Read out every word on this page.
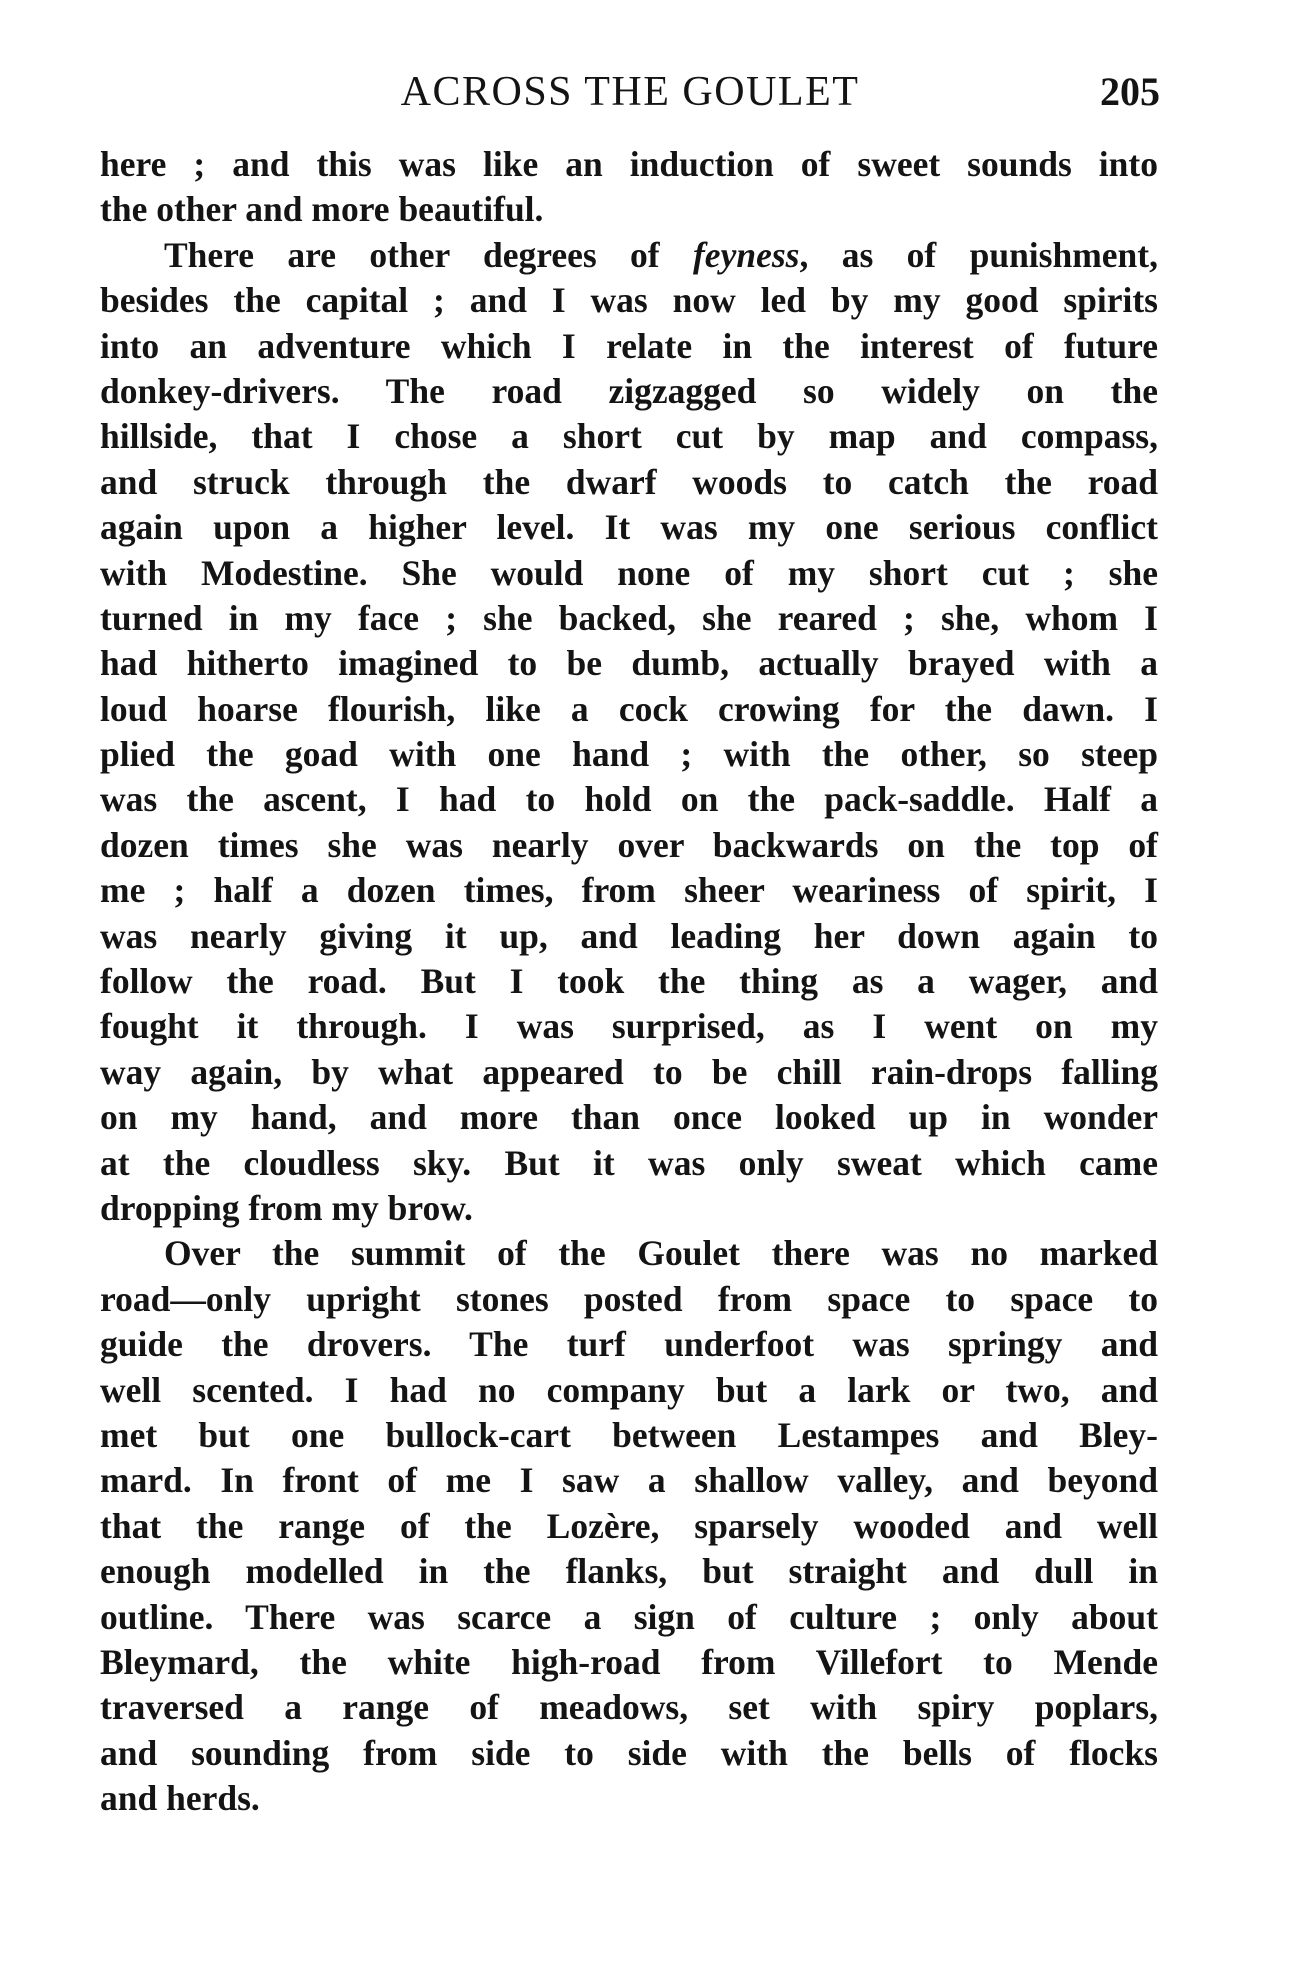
ACROSS THE GOULET	205
here ; and this was like an induction of sweet sounds into
the other and more beautiful.
There are other degrees of feyness, as of punishment,
besides the capital ; and I was now led by my good spirits
into an adventure which I relate in the interest of future
donkey-drivers. The road zigzagged so widely on the
hillside, that I chose a short cut by map and compass,
and struck through the dwarf woods to catch the road
again upon a higher level. It was my one serious conflict
with Modestine. She would none of my short cut ; she
turned in my face ; she backed, she reared ; she, whom I
had hitherto imagined to be dumb, actually brayed with a
loud hoarse flourish, like a cock crowing for the dawn. I
plied the goad with one hand ; with the other, so steep
was the ascent, I had to hold on the pack-saddle. Half a
dozen times she was nearly over backwards on the top of
me ; half a dozen times, from sheer weariness of spirit, I
was nearly giving it up, and leading her down again to
follow the road. But I took the thing as a wager, and
fought it through. I was surprised, as I went on my
way again, by what appeared to be chill rain-drops falling
on my hand, and more than once looked up in wonder
at the cloudless sky. But it was only sweat which came
dropping from my brow.
Over the summit of the Goulet there was no marked
road—only upright stones posted from space to space to
guide the drovers. The turf underfoot was springy and
well scented. I had no company but a lark or two, and
met but one bullock-cart between Lestampes and Bley-
mard. In front of me I saw a shallow valley, and beyond
that the range of the Lozère, sparsely wooded and well
enough modelled in the flanks, but straight and dull in
outline. There was scarce a sign of culture ; only about
Bleymard, the white high-road from Villefort to Mende
traversed a range of meadows, set with spiry poplars,
and sounding from side to side with the bells of flocks
and herds.
